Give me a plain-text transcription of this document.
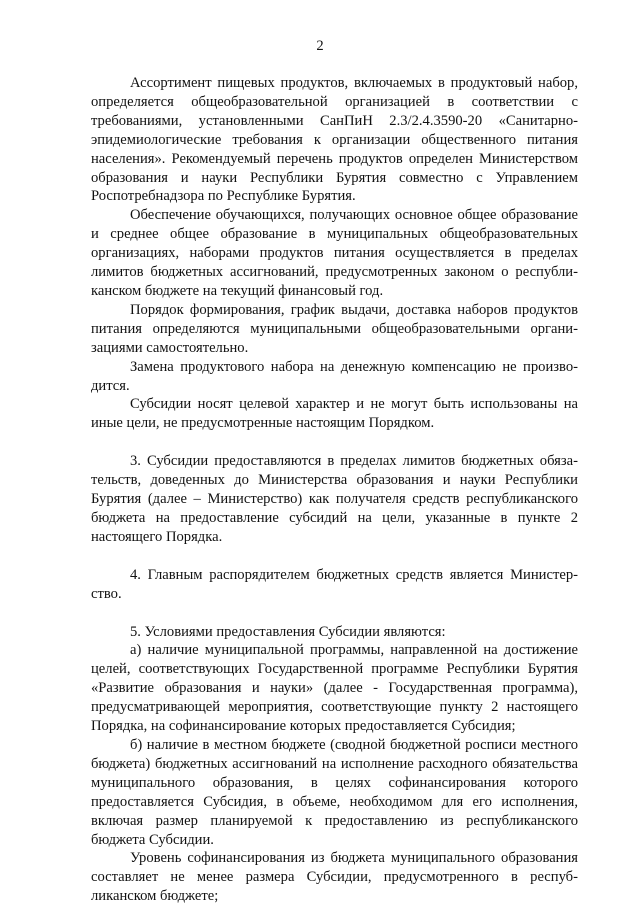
2

Ассортимент пищевых продуктов, включаемых в продуктовый набор, определяется общеобразовательной организацией в соответствии с требованиями, установленными СанПиН 2.3/2.4.3590-20 «Санитарно-эпидемиологические требования к организации общественного питания населения». Рекомендуемый перечень продуктов определен Министерством образования и науки Республики Бурятия совместно с Управлением Роспотребнадзора по Республике Бурятия.

Обеспечение обучающихся, получающих основное общее образование и среднее общее образование в муниципальных общеобразовательных организациях, наборами продуктов питания осуществляется в пределах лимитов бюджетных ассигнований, предусмотренных законом о республиканском бюджете на текущий финансовый год.

Порядок формирования, график выдачи, доставка наборов продуктов питания определяются муниципальными общеобразовательными организациями самостоятельно.

Замена продуктового набора на денежную компенсацию не производится.

Субсидии носят целевой характер и не могут быть использованы на иные цели, не предусмотренные настоящим Порядком.

3. Субсидии предоставляются в пределах лимитов бюджетных обязательств, доведенных до Министерства образования и науки Республики Бурятия (далее – Министерство) как получателя средств республиканского бюджета на предоставление субсидий на цели, указанные в пункте 2 настоящего Порядка.

4. Главным распорядителем бюджетных средств является Министерство.

5. Условиями предоставления Субсидии являются:

а) наличие муниципальной программы, направленной на достижение целей, соответствующих Государственной программе Республики Бурятия «Развитие образования и науки» (далее - Государственная программа), предусматривающей мероприятия, соответствующие пункту 2 настоящего Порядка, на софинансирование которых предоставляется Субсидия;

б) наличие в местном бюджете (сводной бюджетной росписи местного бюджета) бюджетных ассигнований на исполнение расходного обязательства муниципального образования, в целях софинансирования которого предоставляется Субсидия, в объеме, необходимом для его исполнения, включая размер планируемой к предоставлению из республиканского бюджета Субсидии.

Уровень софинансирования из бюджета муниципального образования составляет не менее размера Субсидии, предусмотренного в республиканском бюджете;
